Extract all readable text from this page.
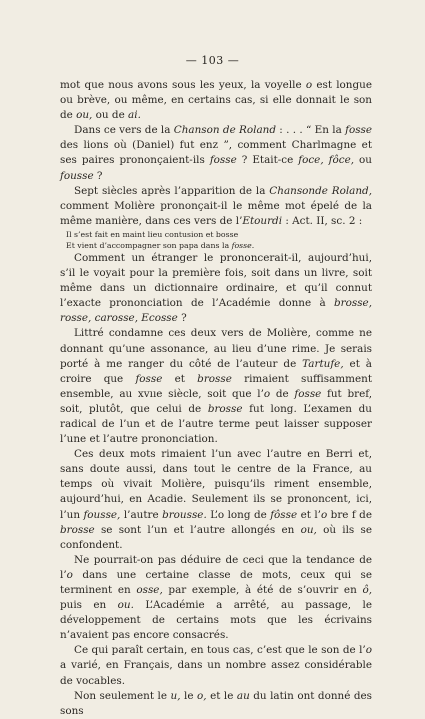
— 103 —

mot que nous avons sous les yeux, la voyelle o est longue ou brève, ou même, en certains cas, si elle donnait le son de ou, ou de ai.

Dans ce vers de la Chanson de Roland : . . . “ En la fosse des lions où (Daniel) fut enz ”, comment Charlmagne et ses paires prononçaient-ils fosse ? Etait-ce foce, fôce, ou fousse ?

Sept siècles après l’apparition de la Chansonde Roland, comment Molière prononçait-il le même mot épelé de la même manière, dans ces vers de l’Etourdi : Act. II, sc. 2 :

Il s’est fait en maint lieu contusion et bosse
Et vient d’accompagner son papa dans la fosse.

Comment un étranger le prononcerait-il, aujourd’hui, s’il le voyait pour la première fois, soit dans un livre, soit même dans un dictionnaire ordinaire, et qu’il connut l’exacte prononciation de l’Académie donne à brosse, rosse, carosse, Ecosse ?

Littré condamne ces deux vers de Molière, comme ne donnant qu’une assonance, au lieu d’une rime. Je serais porté à me ranger du côté de l’auteur de Tartufe, et à croire que fosse et brosse rimaient suffisamment ensemble, au xvııe siècle, soit que l’o de fosse fut bref, soit, plutôt, que celui de brosse fut long. L’examen du radical de l’un et de l’autre terme peut laisser supposer l’une et l’autre prononciation.

Ces deux mots rimaient l’un avec l’autre en Berri et, sans doute aussi, dans tout le centre de la France, au temps où vivait Molière, puisqu’ils riment ensemble, aujourd’hui, en Acadie. Seulement ils se prononcent, ici, l’un fousse, l’autre brousse. L’o long de fôsse et l’o bre f de brosse se sont l’un et l’autre allongés en ou, où ils se confondent.

Ne pourrait-on pas déduire de ceci que la tendance de l’o dans une certaine classe de mots, ceux qui se terminent en osse, par exemple, à été de s’ouvrir en ô, puis en ou. L’Académie a arrêté, au passage, le développement de certains mots que les écrivains n’avaient pas encore consacrés.

Ce qui paraît certain, en tous cas, c’est que le son de l’o a varié, en Français, dans un nombre assez considérable de vocables.

Non seulement le u, le o, et le au du latin ont donné des sons
